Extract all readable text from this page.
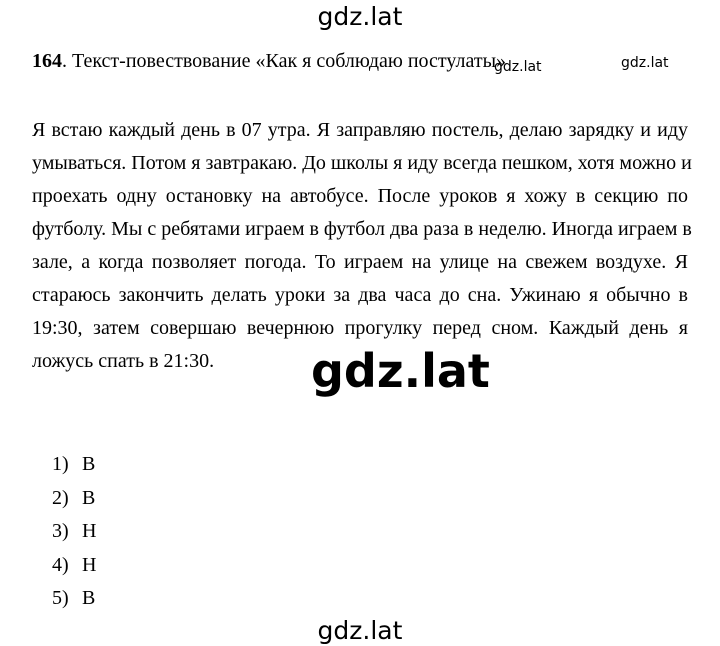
gdz.lat
164. Текст-повествование «Как я соблюдаю постулаты»
gdz.lat	gdz.lat
Я встаю каждый день в 07 утра. Я заправляю постель, делаю зарядку и иду
умываться. Потом я завтракаю. До школы я иду всегда пешком, хотя можно и
проехать одну остановку на автобусе. После уроков я хожу в секцию по
футболу. Мы с ребятами играем в футбол два раза в неделю. Иногда играем в
зале, а когда позволяет погода. То играем на улице на свежем воздухе. Я
стараюсь закончить делать уроки за два часа до сна. Ужинаю я обычно в
19:30, затем совершаю вечернюю прогулку перед сном. Каждый день я
ложусь спать в 21:30.	gdz.lat
1) В
2) В
3) Н
4) Н
5) В
gdz.lat
